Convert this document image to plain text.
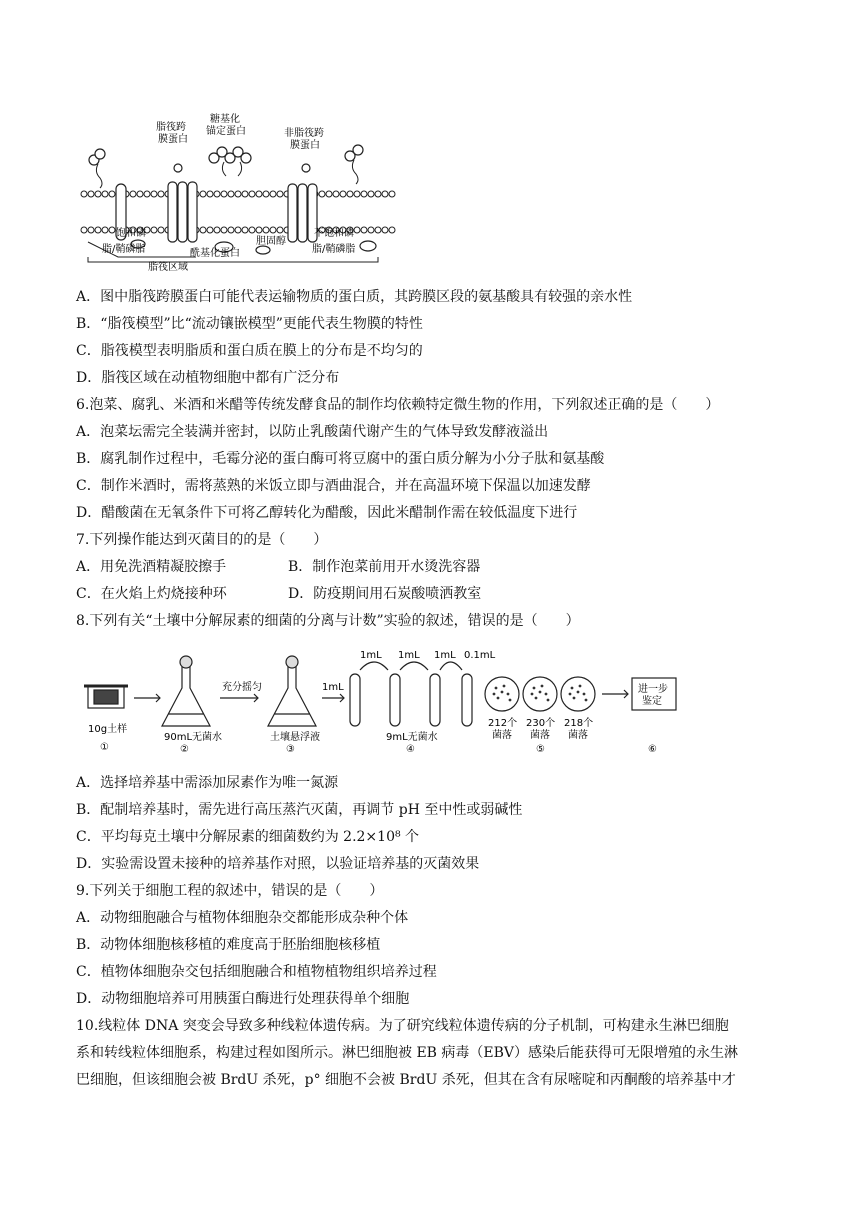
脂筏跨膜蛋白
糖基化锚定蛋白	非脂筏跨膜蛋白
饱和磷脂/鞘磷脂	酰基化蛋白
胆固醇
不饱和磷脂/鞘磷脂
脂筏区域
A．图中脂筏跨膜蛋白可能代表运输物质的蛋白质，其跨膜区段的氨基酸具有较强的亲水性
B．“脂筏模型”比“流动镶嵌模型”更能代表生物膜的特性
C．脂筏模型表明脂质和蛋白质在膜上的分布是不均匀的
D．脂筏区域在动植物细胞中都有广泛分布
6.泡菜、腐乳、米酒和米醋等传统发酵食品的制作均依赖特定微生物的作用，下列叙述正确的是（　　）
A．泡菜坛需完全装满并密封，以防止乳酸菌代谢产生的气体导致发酵液溢出
B．腐乳制作过程中，毛霉分泌的蛋白酶可将豆腐中的蛋白质分解为小分子肽和氨基酸
C．制作米酒时，需将蒸熟的米饭立即与酒曲混合，并在高温环境下保温以加速发酵
D．醋酸菌在无氧条件下可将乙醇转化为醋酸，因此米醋制作需在较低温度下进行
7.下列操作能达到灭菌目的的是（　　）
A．用免洗酒精凝胶擦手	B．制作泡菜前用开水烫洗容器
C．在火焰上灼烧接种环	D．防疫期间用石炭酸喷洒教室
8.下列有关“土壤中分解尿素的细菌的分离与计数”实验的叙述，错误的是（　　）
10g土样
90mL无菌水
充分摇匀
土壤悬浮液
1mL
1mL 1mL 1mL 0.1mL
9mL无菌水
212个菌落
230个菌落
218个菌落
进一步鉴定
①	②	③	④	⑤	⑥
A．选择培养基中需添加尿素作为唯一氮源
B．配制培养基时，需先进行高压蒸汽灭菌，再调节 pH 至中性或弱碱性
C．平均每克土壤中分解尿素的细菌数约为 2.2×10⁸ 个
D．实验需设置未接种的培养基作对照，以验证培养基的灭菌效果
9.下列关于细胞工程的叙述中，错误的是（　　）
A．动物细胞融合与植物体细胞杂交都能形成杂种个体
B．动物体细胞核移植的难度高于胚胎细胞核移植
C．植物体细胞杂交包括细胞融合和植物植物组织培养过程
D．动物细胞培养可用胰蛋白酶进行处理获得单个细胞
10.线粒体 DNA 突变会导致多种线粒体遗传病。为了研究线粒体遗传病的分子机制，可构建永生淋巴细胞
系和转线粒体细胞系，构建过程如图所示。淋巴细胞被 EB 病毒（EBV）感染后能获得可无限增殖的永生淋
巴细胞，但该细胞会被 BrdU 杀死，p° 细胞不会被 BrdU 杀死，但其在含有尿嘧啶和丙酮酸的培养基中才
